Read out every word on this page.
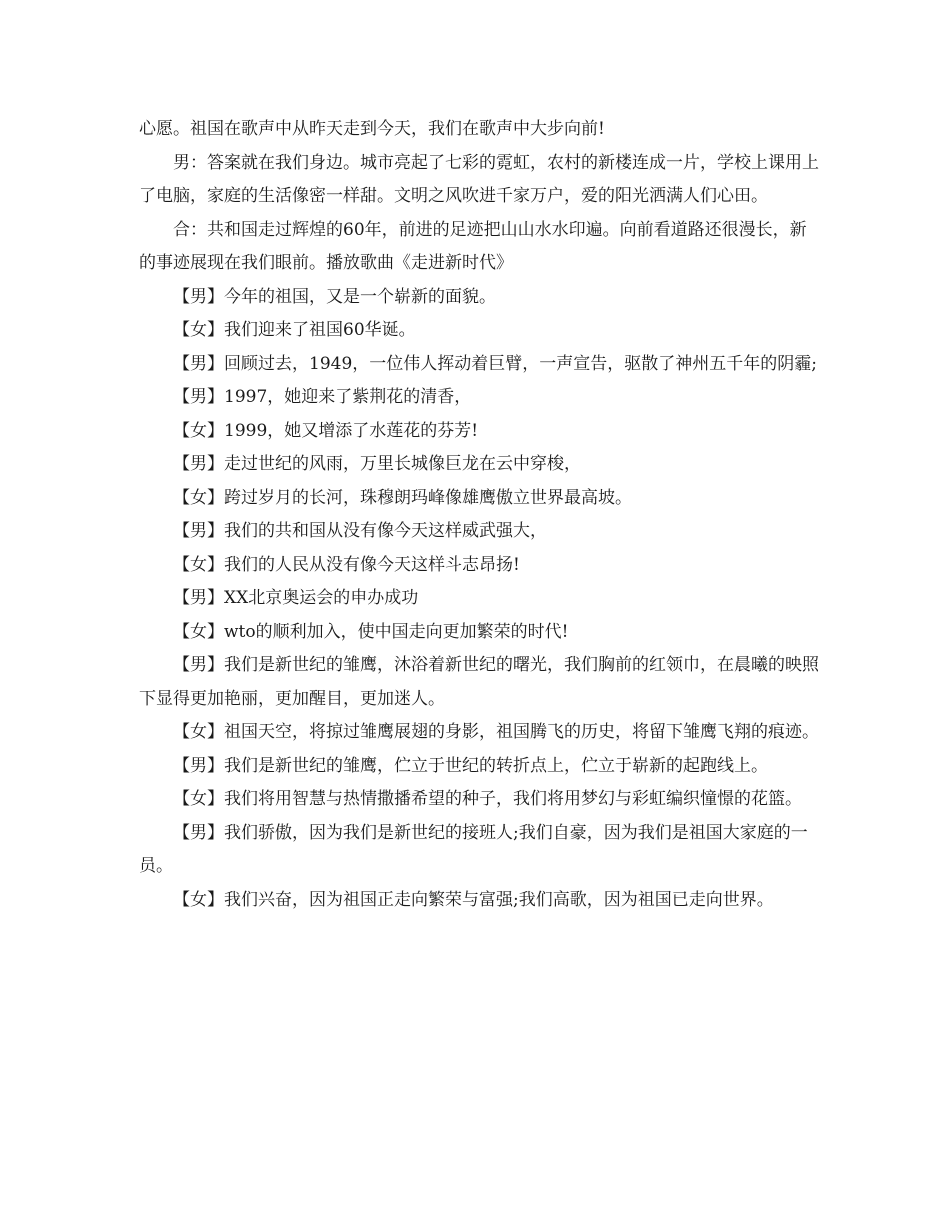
心愿。祖国在歌声中从昨天走到今天，我们在歌声中大步向前!

男：答案就在我们身边。城市亮起了七彩的霓虹，农村的新楼连成一片，学校上课用上了电脑，家庭的生活像密一样甜。文明之风吹进千家万户，爱的阳光洒满人们心田。

合：共和国走过辉煌的60年，前进的足迹把山山水水印遍。向前看道路还很漫长，新的事迹展现在我们眼前。播放歌曲《走进新时代》

【男】今年的祖国，又是一个崭新的面貌。

【女】我们迎来了祖国60华诞。

【男】回顾过去，1949，一位伟人挥动着巨臂，一声宣告，驱散了神州五千年的阴霾;

【男】1997，她迎来了紫荆花的清香，

【女】1999，她又增添了水莲花的芬芳!

【男】走过世纪的风雨，万里长城像巨龙在云中穿梭，

【女】跨过岁月的长河，珠穆朗玛峰像雄鹰傲立世界最高坡。

【男】我们的共和国从没有像今天这样威武强大，

【女】我们的人民从没有像今天这样斗志昂扬!

【男】XX北京奥运会的申办成功

【女】wto的顺利加入，使中国走向更加繁荣的时代!

【男】我们是新世纪的雏鹰，沐浴着新世纪的曙光，我们胸前的红领巾，在晨曦的映照下显得更加艳丽，更加醒目，更加迷人。

【女】祖国天空，将掠过雏鹰展翅的身影，祖国腾飞的历史，将留下雏鹰飞翔的痕迹。

【男】我们是新世纪的雏鹰，伫立于世纪的转折点上，伫立于崭新的起跑线上。

【女】我们将用智慧与热情撒播希望的种子，我们将用梦幻与彩虹编织憧憬的花篮。

【男】我们骄傲，因为我们是新世纪的接班人;我们自豪，因为我们是祖国大家庭的一员。

【女】我们兴奋，因为祖国正走向繁荣与富强;我们高歌，因为祖国已走向世界。
